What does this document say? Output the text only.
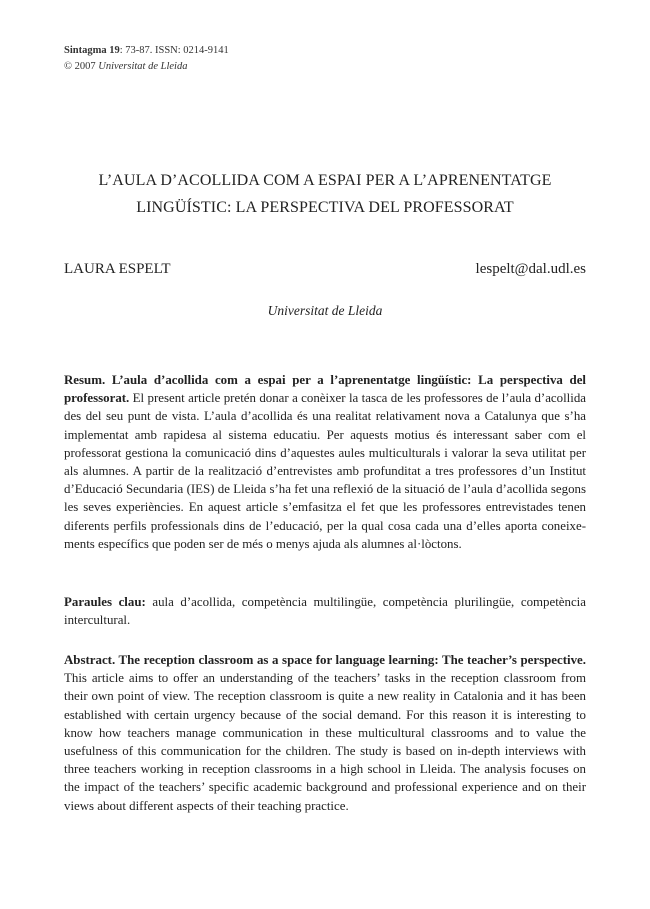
Sintagma 19: 73-87. ISSN: 0214-9141
© 2007 Universitat de Lleida
L’AULA D’ACOLLIDA COM A ESPAI PER A L’APRENENTATGE
LINGÜÍSTIC: LA PERSPECTIVA DEL PROFESSORAT
LAURA ESPELT	lespelt@dal.udl.es
Universitat de Lleida

Resum. L’aula d’acollida com a espai per a l’aprenentatge lingüístic: La perspectiva del professorat. El present article pretén donar a conèixer la tasca de les professores de l’aula d’acollida des del seu punt de vista. L’aula d’acollida és una realitat relativament nova a Catalunya que s’ha implementat amb rapidesa al sistema educatiu. Per aquests motius és interessant saber com el professorat gestiona la comunicació dins d’aquestes aules multiculturals i valorar la seva utilitat per als alumnes. A partir de la realització d’entrevistes amb profunditat a tres professores d’un Institut d’Educació Secundaria (IES) de Lleida s’ha fet una reflexió de la situació de l’aula d’acollida segons les seves experiències. En aquest article s’emfasitza el fet que les professores entrevistades tenen diferents perfils professionals dins de l’educació, per la qual cosa cada una d’elles aporta coneixements específics que poden ser de més o menys ajuda als alumnes al·lòctons.

Paraules clau: aula d’acollida, competència multilingüe, competència plurilingüe, competència intercultural.

Abstract. The reception classroom as a space for language learning: The teacher’s perspective. This article aims to offer an understanding of the teachers’ tasks in the reception classroom from their own point of view. The reception classroom is quite a new reality in Catalonia and it has been established with certain urgency because of the social demand. For this reason it is interesting to know how teachers manage communication in these multicultural classrooms and to value the usefulness of this communication for the children. The study is based on in-depth interviews with three teachers working in reception classrooms in a high school in Lleida. The analysis focuses on the impact of the teachers’ specific academic background and professional experience and on their views about different aspects of their teaching practice.
